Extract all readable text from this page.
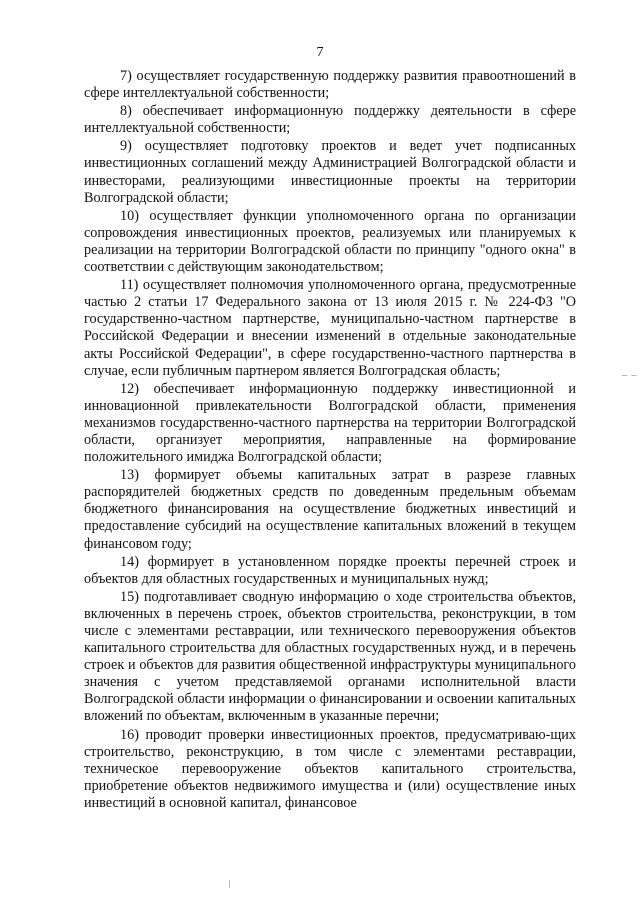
7

7) осуществляет государственную поддержку развития правоотношений в сфере интеллектуальной собственности;

8) обеспечивает информационную поддержку деятельности в сфере интеллектуальной собственности;

9) осуществляет подготовку проектов и ведет учет подписанных инвестиционных соглашений между Администрацией Волгоградской области и инвесторами, реализующими инвестиционные проекты на территории Волгоградской области;

10) осуществляет функции уполномоченного органа по организации сопровождения инвестиционных проектов, реализуемых или планируемых к реализации на территории Волгоградской области по принципу "одного окна" в соответствии с действующим законодательством;

11) осуществляет полномочия уполномоченного органа, предусмотренные частью 2 статьи 17 Федерального закона от 13 июля 2015 г. № 224-ФЗ "О государственно-частном партнерстве, муниципально-частном партнерстве в Российской Федерации и внесении изменений в отдельные законодательные акты Российской Федерации", в сфере государственно-частного партнерства в случае, если публичным партнером является Волгоградская область;

12) обеспечивает информационную поддержку инвестиционной и инновационной привлекательности Волгоградской области, применения механизмов государственно-частного партнерства на территории Волгоградской области, организует мероприятия, направленные на формирование положительного имиджа Волгоградской области;

13) формирует объемы капитальных затрат в разрезе главных распорядителей бюджетных средств по доведенным предельным объемам бюджетного финансирования на осуществление бюджетных инвестиций и предоставление субсидий на осуществление капитальных вложений в текущем финансовом году;

14) формирует в установленном порядке проекты перечней строек и объектов для областных государственных и муниципальных нужд;

15) подготавливает сводную информацию о ходе строительства объектов, включенных в перечень строек, объектов строительства, реконструкции, в том числе с элементами реставрации, или технического перевооружения объектов капитального строительства для областных государственных нужд, и в перечень строек и объектов для развития общественной инфраструктуры муниципального значения с учетом представляемой органами исполнительной власти Волгоградской области информации о финансировании и освоении капитальных вложений по объектам, включенным в указанные перечни;

16) проводит проверки инвестиционных проектов, предусматриваю-щих строительство, реконструкцию, в том числе с элементами реставрации, техническое перевооружение объектов капитального строительства, приобретение объектов недвижимого имущества и (или) осуществление иных инвестиций в основной капитал, финансовое

– –
